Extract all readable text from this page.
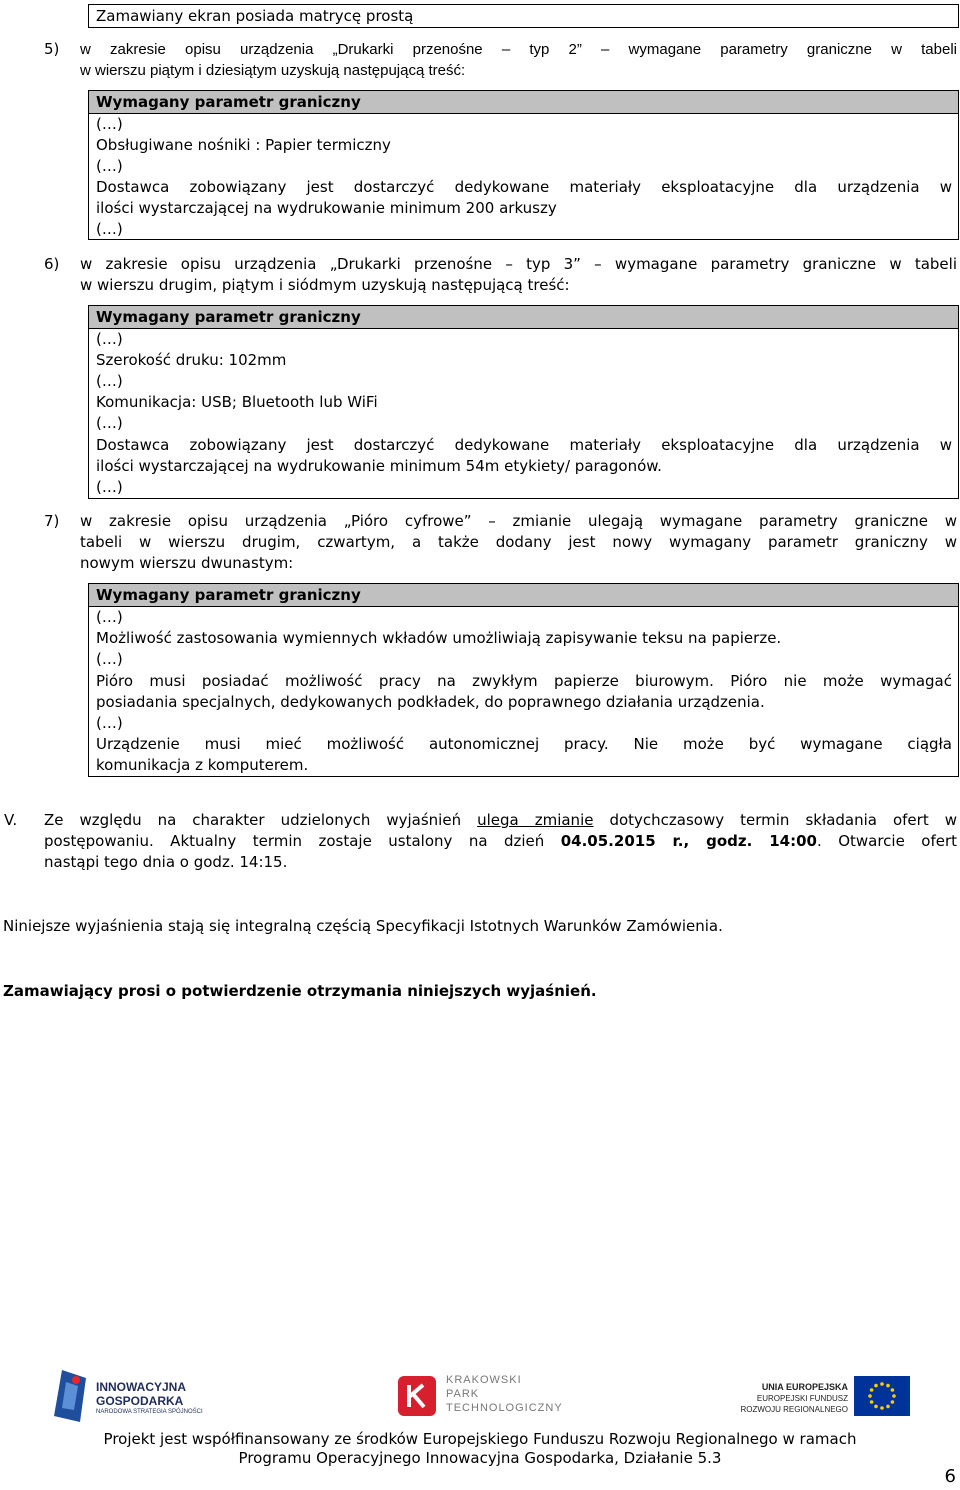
Zamawiany ekran posiada matrycę prostą
5) w zakresie opisu urządzenia „Drukarki przenośne – typ 2” – wymagane parametry graniczne w tabeli
w wierszu piątym i dziesiątym uzyskują następującą treść:
Wymagany parametr graniczny
(…)
Obsługiwane nośniki : Papier termiczny
(…)
Dostawca zobowiązany jest dostarczyć dedykowane materiały eksploatacyjne dla urządzenia w
ilości wystarczającej na wydrukowanie minimum 200 arkuszy
(…)
6) w zakresie opisu urządzenia „Drukarki przenośne – typ 3” – wymagane parametry graniczne w tabeli
w wierszu drugim, piątym i siódmym uzyskują następującą treść:
Wymagany parametr graniczny
(…)
Szerokość druku: 102mm
(…)
Komunikacja: USB; Bluetooth lub WiFi
(…)
Dostawca zobowiązany jest dostarczyć dedykowane materiały eksploatacyjne dla urządzenia w
ilości wystarczającej na wydrukowanie minimum 54m etykiety/ paragonów.
(…)
7) w zakresie opisu urządzenia „Pióro cyfrowe” – zmianie ulegają wymagane parametry graniczne w
tabeli w wierszu drugim, czwartym, a także dodany jest nowy wymagany parametr graniczny w
nowym wierszu dwunastym:
Wymagany parametr graniczny
(…)
Możliwość zastosowania wymiennych wkładów umożliwiają zapisywanie teksu na papierze.
(…)
Pióro musi posiadać możliwość pracy na zwykłym papierze biurowym. Pióro nie może wymagać
posiadania specjalnych, dedykowanych podkładek, do poprawnego działania urządzenia.
(…)
Urządzenie musi mieć możliwość autonomicznej pracy. Nie może być wymagane ciągła
komunikacja z komputerem.
V. Ze względu na charakter udzielonych wyjaśnień ulega zmianie dotychczasowy termin składania ofert w
postępowaniu. Aktualny termin zostaje ustalony na dzień 04.05.2015 r., godz. 14:00. Otwarcie ofert
nastąpi tego dnia o godz. 14:15.
Niniejsze wyjaśnienia stają się integralną częścią Specyfikacji Istotnych Warunków Zamówienia.
Zamawiający prosi o potwierdzenie otrzymania niniejszych wyjaśnień.
INNOWACYJNA
GOSPODARKA
NARODOWA STRATEGIA SPÓJNOŚCI
KRAKOWSKI
PARK
TECHNOLOGICZNY
UNIA EUROPEJSKA
EUROPEJSKI FUNDUSZ
ROZWOJU REGIONALNEGO
Projekt jest współfinansowany ze środków Europejskiego Funduszu Rozwoju Regionalnego w ramach
Programu Operacyjnego Innowacyjna Gospodarka, Działanie 5.3
6
